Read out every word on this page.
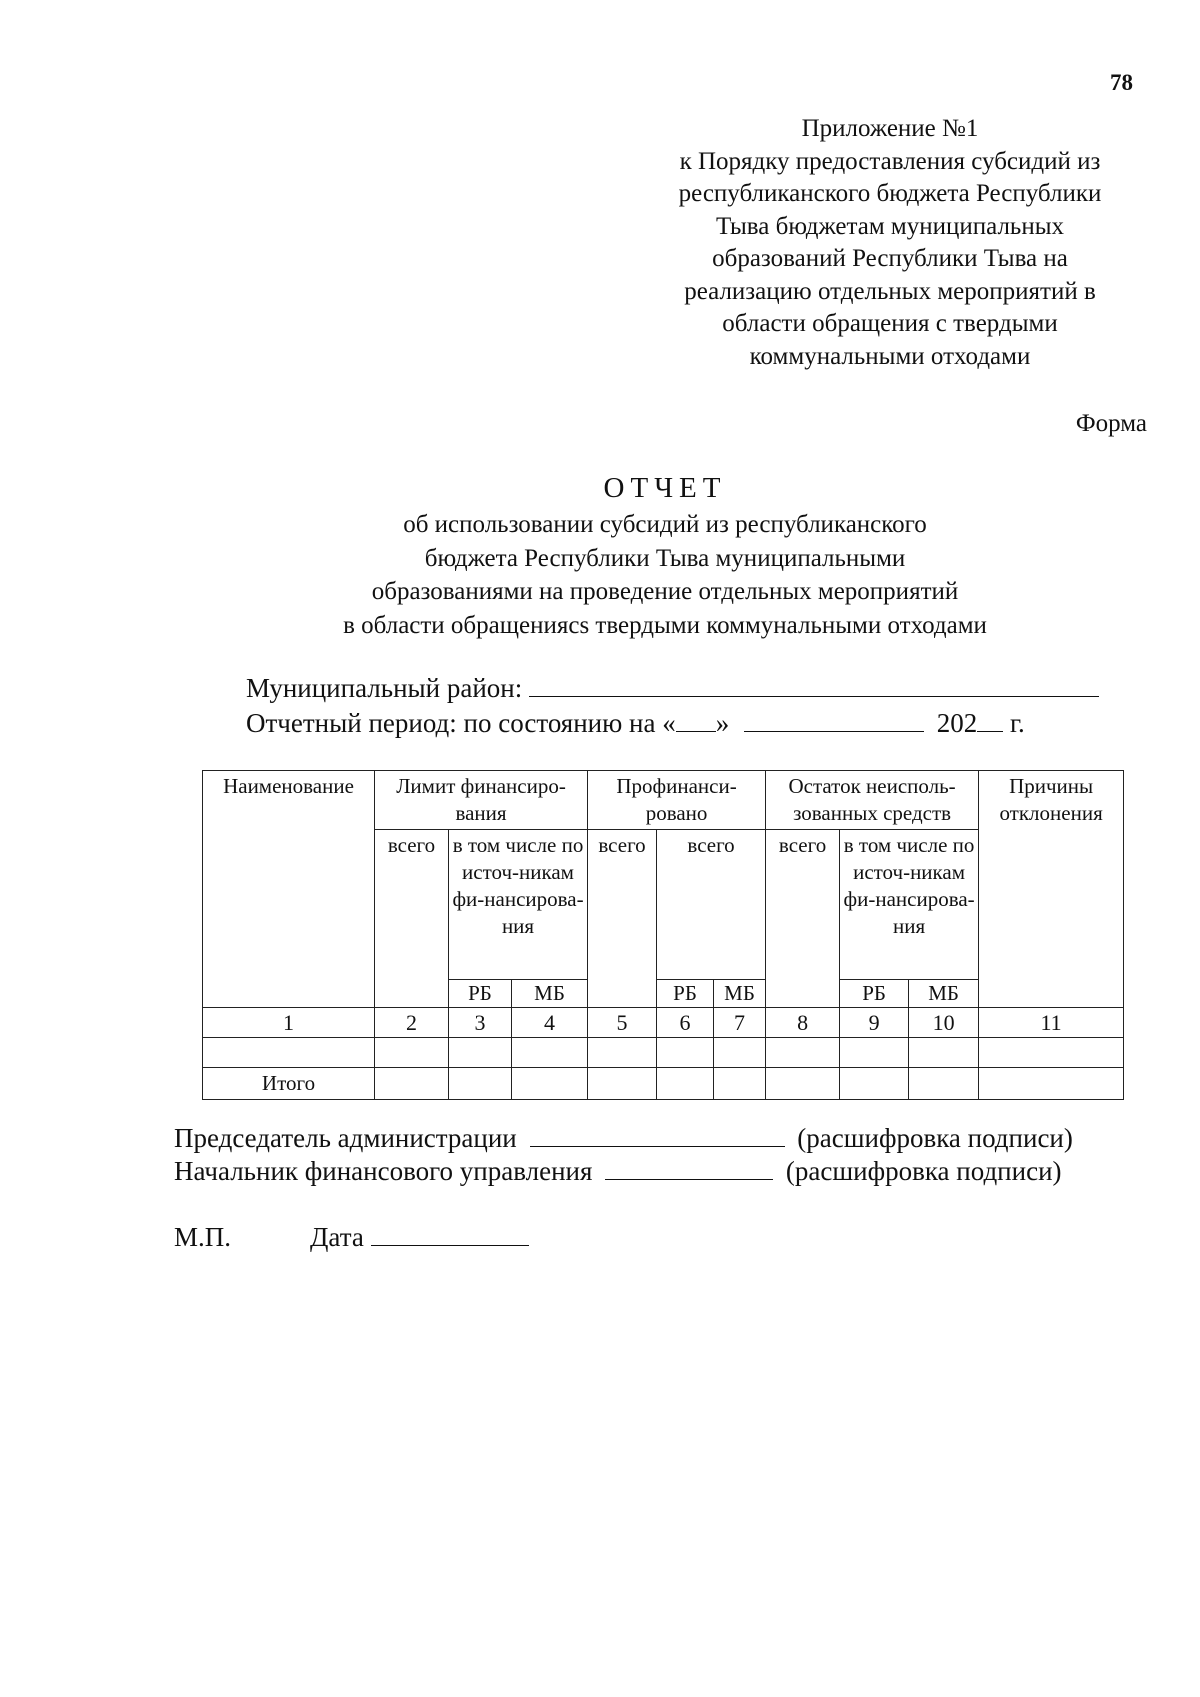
78
Приложение №1
к Порядку предоставления субсидий из
республиканского бюджета Республики
Тыва бюджетам муниципальных
образований Республики Тыва на
реализацию отдельных мероприятий в
области обращения с твердыми
коммунальными отходами
Форма
ОТЧЕТ
об использовании субсидий из республиканского
бюджета Республики Тыва муниципальными
образованиями на проведение отдельных мероприятий
в области обращениясs твердыми коммунальными отходами
Муниципальный район:
Отчетный период: по состоянию на « »	202 г.
Наименование	Лимит финансиро-вания			Профинанси-ровано			Остаток неисполь-зованных средств			Причины отклонения
	всего	в том числе по источ-никам фи-нансирова-ния		всего	всего		всего	в том числе по источ-никам фи-нансирова-ния		
		РБ	МБ		РБ	МБ		РБ	МБ	
1	2	3	4	5	6	7	8	9	10	11

Итого										
Председатель администрации	(расшифровка подписи)
Начальник финансового управления	(расшифровка подписи)
М.П.	Дата
